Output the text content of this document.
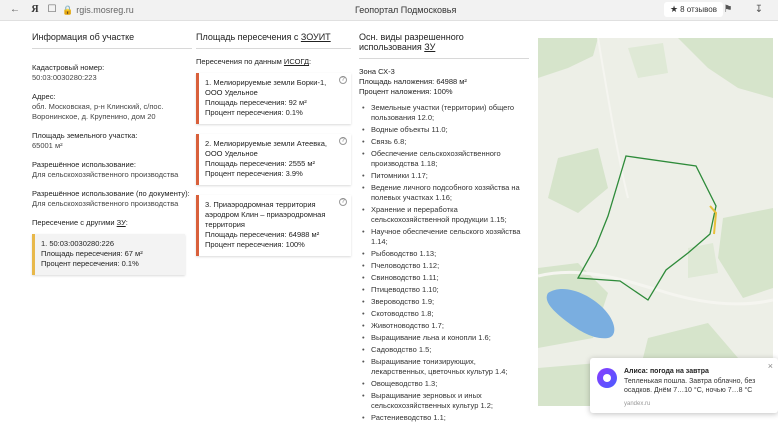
←	Я ☐ 🔒 rgis.mosreg.ru	Геопортал Подмосковья	★ 8 отзывов ⚑ ↧
Информация об участке
Кадастровый номер:
50:03:0030280:223
Адрес:
обл. Московская, р-н Клинский, с/пос. Воронинское, д. Крупенино, дом 20
Площадь земельного участка:
65001 м²
Разрешённое использование:
Для сельскохозяйственного производства
Разрешённое использование (по документу):
Для сельскохозяйственного производства
Пересечение с другими ЗУ:
1. 50:03:0030280:226
Площадь пересечения: 67 м²
Процент пересечения: 0.1%
Площадь пересечения с ЗОУИТ
Пересечения по данным ИСОГД:
?
1. Мелиорируемые земли Борки-1, ООО Удельное
Площадь пересечения: 92 м²
Процент пересечения: 0.1%
?
2. Мелиорируемые земли Атеевка, ООО Удельное
Площадь пересечения: 2555 м²
Процент пересечения: 3.9%
?
3. Приаэродромная территория аэродром Клин – приаэродромная территория
Площадь пересечения: 64988 м²
Процент пересечения: 100%
Осн. виды разрешенного использования ЗУ
Зона СХ-3
Площадь наложения: 64988 м²
Процент наложения: 100%
• Земельные участки (территории) общего пользования 12.0;
• Водные объекты 11.0;
• Связь 6.8;
• Обеспечение сельскохозяйственного производства 1.18;
• Питомники 1.17;
• Ведение личного подсобного хозяйства на полевых участках 1.16;
• Хранение и переработка сельскохозяйственной продукции 1.15;
• Научное обеспечение сельского хозяйства 1.14;
• Рыбоводство 1.13;
• Пчеловодство 1.12;
• Свиноводство 1.11;
• Птицеводство 1.10;
• Звероводство 1.9;
• Скотоводство 1.8;
• Животноводство 1.7;
• Выращивание льна и конопли 1.6;
• Садоводство 1.5;
• Выращивание тонизирующих, лекарственных, цветочных культур 1.4;
• Овощеводство 1.3;
• Выращивание зерновых и иных сельскохозяйственных культур 1.2;
• Растениеводство 1.1;
Алиса: погода на завтра
Тепленькая пошла. Завтра облачно, без осадков. Днём 7…10 °С, ночью 7…8 °С
yandex.ru
×
